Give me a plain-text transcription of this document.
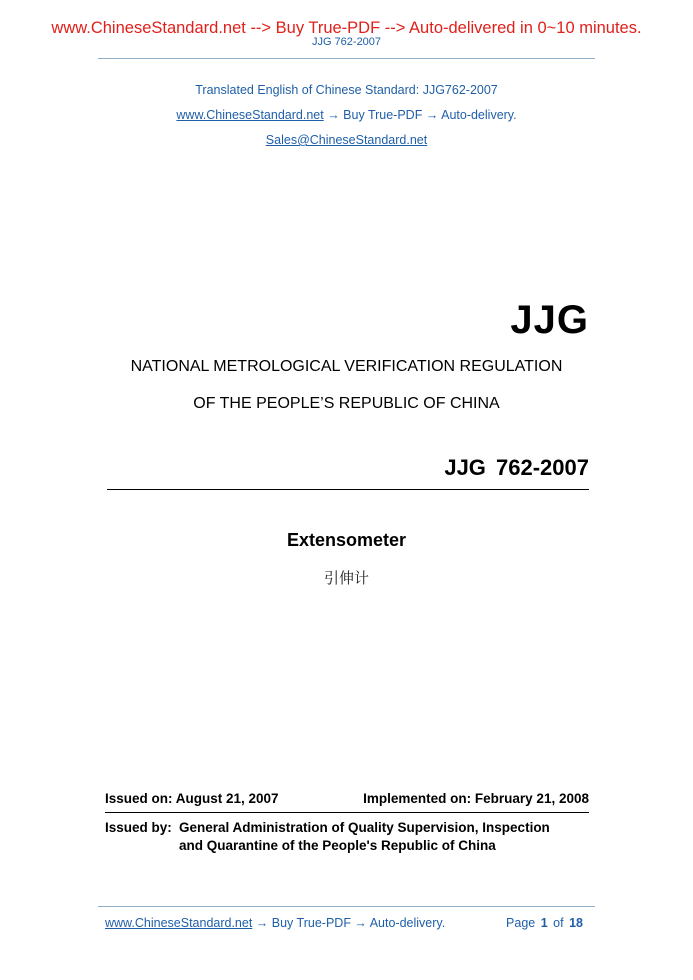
www.ChineseStandard.net --> Buy True-PDF --> Auto-delivered in 0~10 minutes.
JJG 762-2007
Translated English of Chinese Standard: JJG762-2007
www.ChineseStandard.net → Buy True-PDF → Auto-delivery.
Sales@ChineseStandard.net
JJG
NATIONAL METROLOGICAL VERIFICATION REGULATION
OF THE PEOPLE’S REPUBLIC OF CHINA
JJG 762-2007
Extensometer
引伸计
Issued on: August 21, 2007	Implemented on: February 21, 2008
Issued by: General Administration of Quality Supervision, Inspection
and Quarantine of the People's Republic of China
www.ChineseStandard.net → Buy True-PDF → Auto-delivery.	Page 1 of 18
